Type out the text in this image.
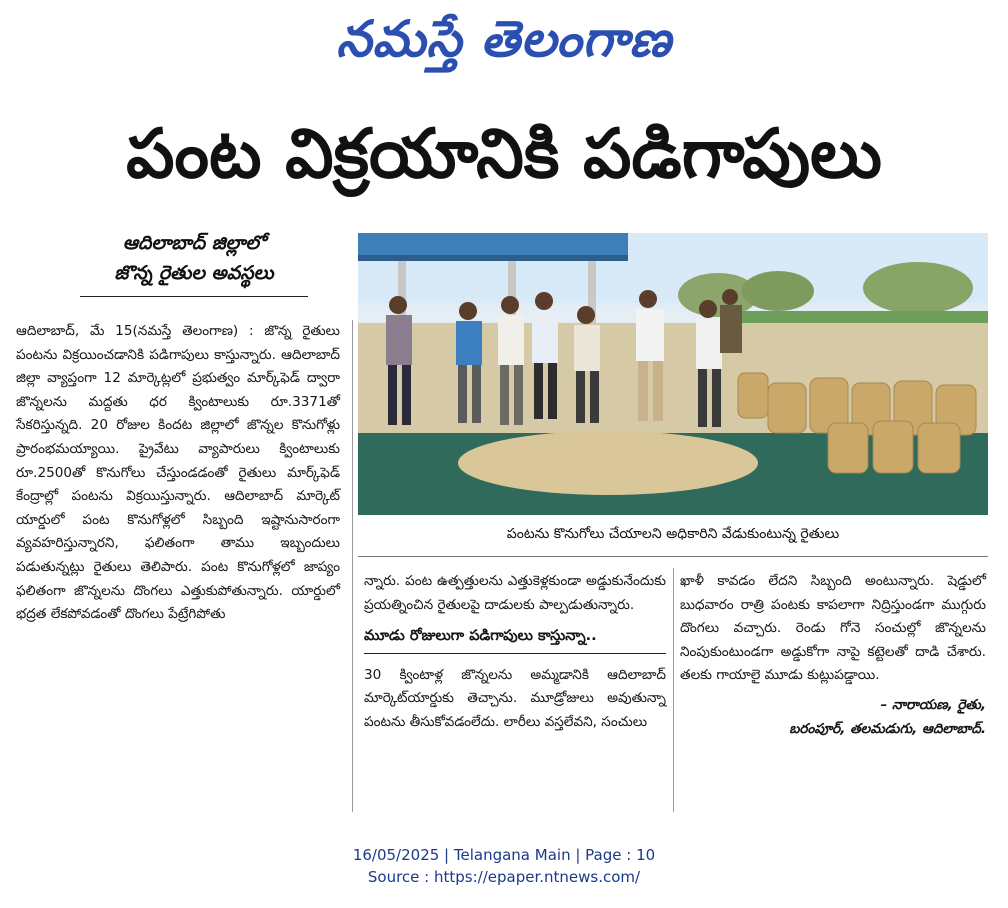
నమస్తే తెలంగాణ
పంట విక్రయానికి పడిగాపులు
ఆదిలాబాద్ జిల్లాలో
జొన్న రైతుల అవస్థలు

ఆదిలాబాద్, మే 15(నమస్తే తెలంగాణ) : జొన్న రైతులు పంటను విక్రయించడానికి పడిగాపులు కాస్తున్నారు. ఆదిలాబాద్ జిల్లా వ్యాప్తంగా 12 మార్కెట్లలో ప్రభుత్వం మార్క్‌ఫెడ్ ద్వారా జొన్నలను మద్దతు ధర క్వింటాలుకు రూ.3371తో సేకరిస్తున్నది. 20 రోజుల కిందట జిల్లాలో జొన్నల కొనుగోళ్లు ప్రారంభమయ్యాయి. ప్రైవేటు వ్యాపారులు క్వింటాలుకు రూ.2500తో కొనుగోలు చేస్తుండడంతో రైతులు మార్క్‌ఫెడ్ కేంద్రాల్లో పంటను విక్రయిస్తున్నారు. ఆదిలాబాద్ మార్కెట్ యార్డులో పంట కొనుగోళ్లలో సిబ్బంది ఇష్టానుసారంగా వ్యవహరిస్తున్నారని, ఫలితంగా తాము ఇబ్బందులు పడుతున్నట్లు రైతులు తెలిపారు. పంట కొనుగోళ్లలో జాప్యం ఫలితంగా జొన్నలను దొంగలు ఎత్తుకుపోతున్నారు. యార్డులో భద్రత లేకపోవడంతో దొంగలు పేట్రేగిపోతు

పంటను కొనుగోలు చేయాలని అధికారిని వేడుకుంటున్న రైతులు

న్నారు. పంట ఉత్పత్తులను ఎత్తుకెళ్లకుండా అడ్డుకునేందుకు ప్రయత్నించిన రైతులపై దాడులకు పాల్పడుతున్నారు.

మూడు రోజులుగా పడిగాపులు కాస్తున్నా..

30 క్వింటాళ్ల జొన్నలను అమ్మడానికి ఆదిలాబాద్ మార్కెట్‌యార్డుకు తెచ్చాను. మూడ్రోజులు అవుతున్నా పంటను తీసుకోవడంలేదు. లారీలు వస్తలేవని, సంచులు

ఖాళీ కావడం లేదని సిబ్బంది అంటున్నారు. షెడ్డులో బుధవారం రాత్రి పంటకు కాపలాగా నిద్రిస్తుండగా ముగ్గురు దొంగలు వచ్చారు. రెండు గోనె సంచుల్లో జొన్నలను నింపుకుంటుండగా అడ్డుకోగా నాపై కట్టెలతో దాడి చేశారు. తలకు గాయాలై మూడు కుట్లుపడ్డాయి.

– నారాయణ, రైతు,
బరంపూర్, తలమడుగు, ఆదిలాబాద్.
16/05/2025 | Telangana Main | Page : 10
Source : https://epaper.ntnews.com/
